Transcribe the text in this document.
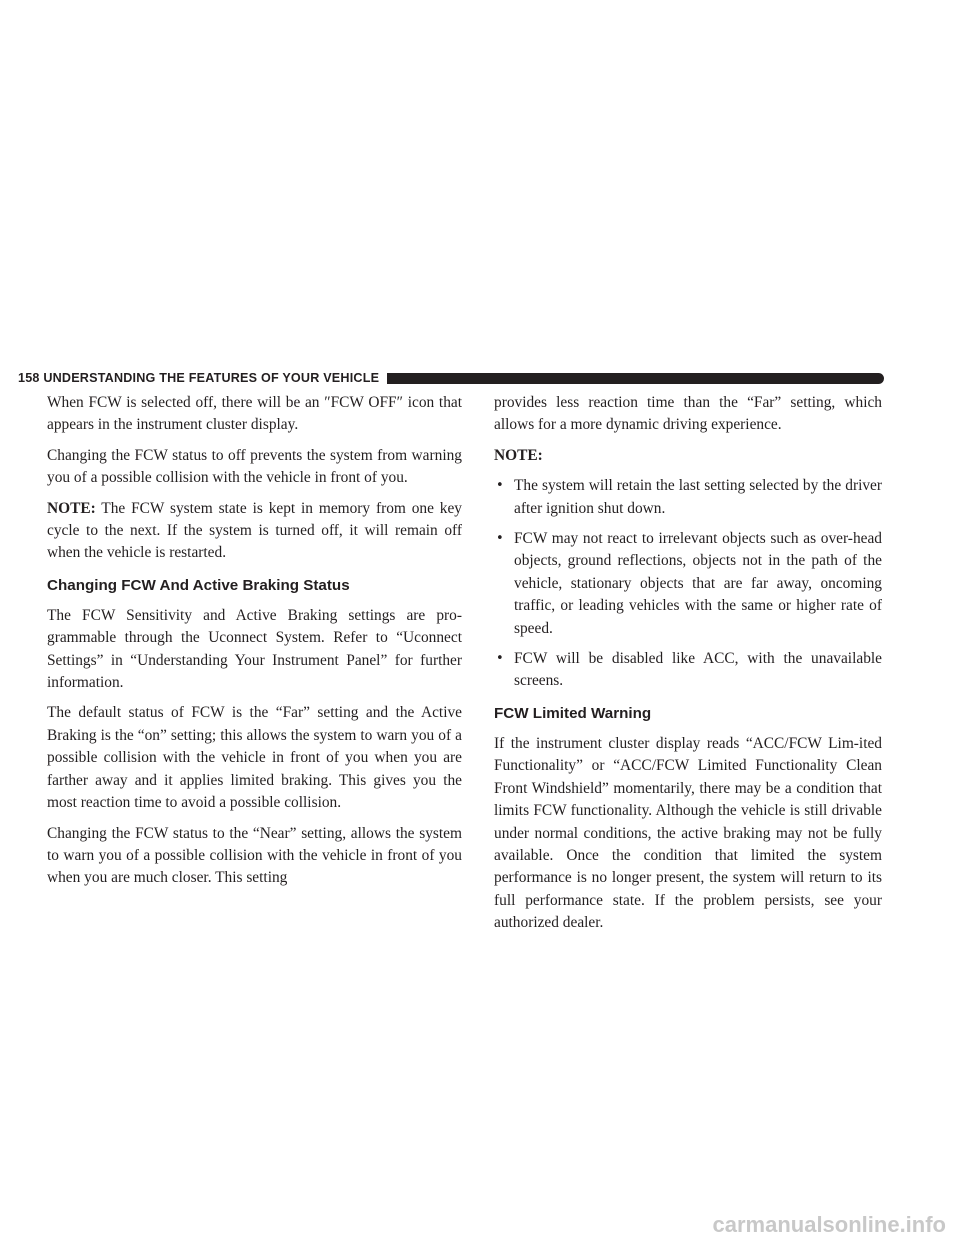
158 UNDERSTANDING THE FEATURES OF YOUR VEHICLE

When FCW is selected off, there will be an ″FCW OFF″ icon that appears in the instrument cluster display.

Changing the FCW status to off prevents the system from warning you of a possible collision with the vehicle in front of you.

NOTE: The FCW system state is kept in memory from one key cycle to the next. If the system is turned off, it will remain off when the vehicle is restarted.

Changing FCW And Active Braking Status

The FCW Sensitivity and Active Braking settings are pro-grammable through the Uconnect System. Refer to “Uconnect Settings” in “Understanding Your Instrument Panel” for further information.

The default status of FCW is the “Far” setting and the Active Braking is the “on” setting; this allows the system to warn you of a possible collision with the vehicle in front of you when you are farther away and it applies limited braking. This gives you the most reaction time to avoid a possible collision.

Changing the FCW status to the “Near” setting, allows the system to warn you of a possible collision with the vehicle in front of you when you are much closer. This setting

provides less reaction time than the “Far” setting, which allows for a more dynamic driving experience.

NOTE:

• The system will retain the last setting selected by the driver after ignition shut down.
• FCW may not react to irrelevant objects such as over-head objects, ground reflections, objects not in the path of the vehicle, stationary objects that are far away, oncoming traffic, or leading vehicles with the same or higher rate of speed.
• FCW will be disabled like ACC, with the unavailable screens.
FCW Limited Warning

If the instrument cluster display reads “ACC/FCW Lim-ited Functionality” or “ACC/FCW Limited Functionality Clean Front Windshield” momentarily, there may be a condition that limits FCW functionality. Although the vehicle is still drivable under normal conditions, the active braking may not be fully available. Once the condition that limited the system performance is no longer present, the system will return to its full performance state. If the problem persists, see your authorized dealer.

carmanualsonline.info
